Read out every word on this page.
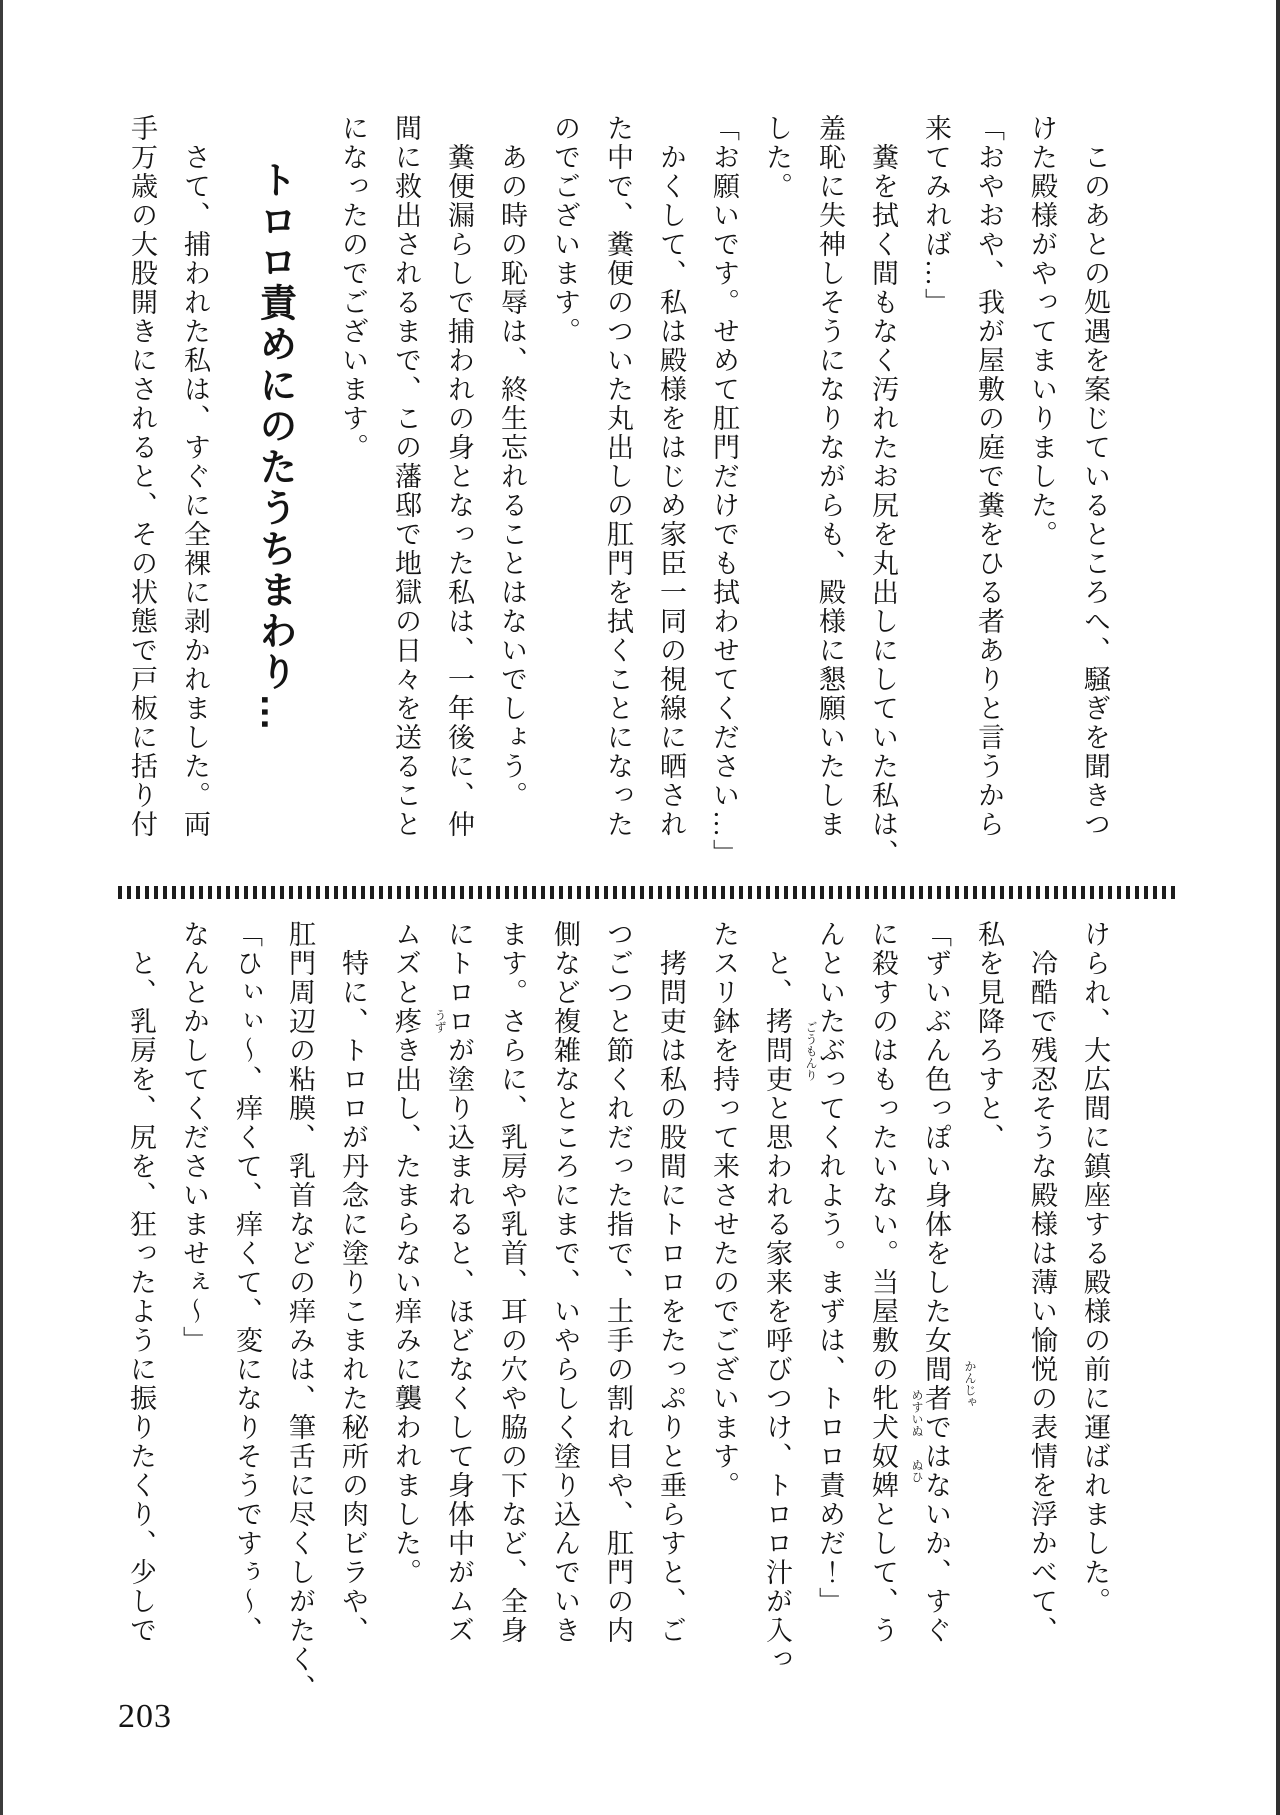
　このあとの処遇を案じているところへ、騒ぎを聞きつ
けた殿様がやってまいりました。
「おやおや、我が屋敷の庭で糞をひる者ありと言うから
来てみれば…」
　糞を拭く間もなく汚れたお尻を丸出しにしていた私は、
羞恥に失神しそうになりながらも、殿様に懇願いたしま
した。
「お願いです。せめて肛門だけでも拭わせてください…」
　かくして、私は殿様をはじめ家臣一同の視線に晒され
た中で、糞便のついた丸出しの肛門を拭くことになった
のでございます。
　あの時の恥辱は、終生忘れることはないでしょう。
　糞便漏らしで捕われの身となった私は、一年後に、仲
間に救出されるまで、この藩邸で地獄の日々を送ること
になったのでございます。
トロロ責めにのたうちまわり…
　さて、捕われた私は、すぐに全裸に剥かれました。両
手万歳の大股開きにされると、その状態で戸板に括り付
けられ、大広間に鎮座する殿様の前に運ばれました。
　冷酷で残忍そうな殿様は薄い愉悦の表情を浮かべて、
私を見降ろすと、
「ずいぶん色っぽい身体をした女間者ではないか、すぐ
に殺すのはもったいない。当屋敷の牝犬奴婢として、う
んといたぶってくれよう。まずは、トロロ責めだ！」
　と、拷問吏と思われる家来を呼びつけ、トロロ汁が入っ
たスリ鉢を持って来させたのでございます。
　拷問吏は私の股間にトロロをたっぷりと垂らすと、ご
つごつと節くれだった指で、土手の割れ目や、肛門の内
側など複雑なところにまで、いやらしく塗り込んでいき
ます。さらに、乳房や乳首、耳の穴や脇の下など、全身
にトロロが塗り込まれると、ほどなくして身体中がムズ
ムズと疼き出し、たまらない痒みに襲われました。
　特に、トロロが丹念に塗りこまれた秘所の肉ビラや、
肛門周辺の粘膜、乳首などの痒みは、筆舌に尽くしがたく、
「ひぃぃ～、痒くて、痒くて、変になりそうですぅ～、
なんとかしてくださいませぇ～」
　と、乳房を、尻を、狂ったように振りたくり、少しで	かんじゃ
めすいぬ
ぬひ
ごうもんり
うず
203
